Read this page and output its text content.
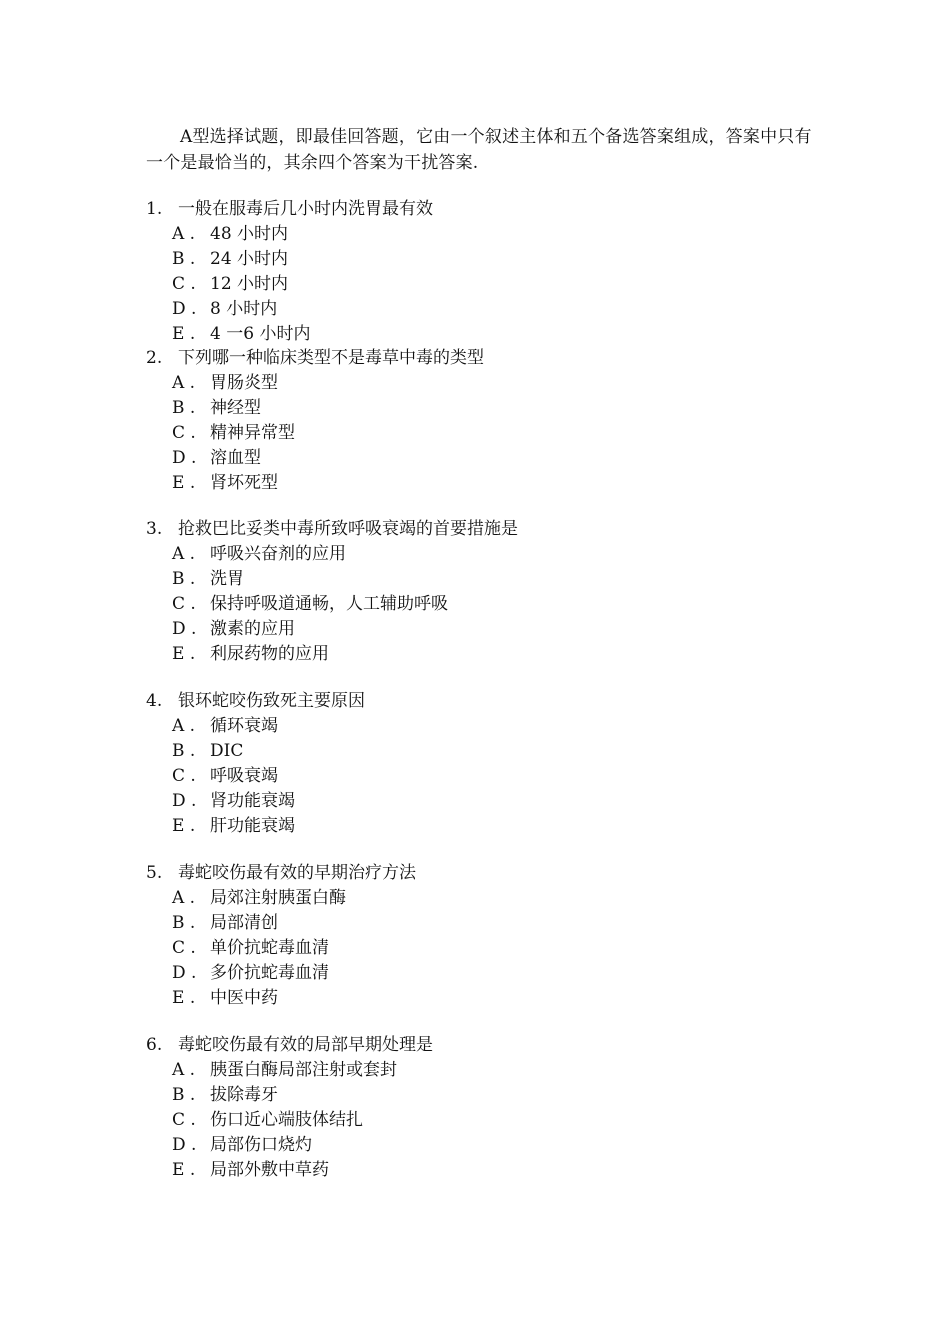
A型选择试题，即最佳回答题，它由一个叙述主体和五个备选答案组成，答案中只有一个是最恰当的，其余四个答案为干扰答案.

1. 一般在服毒后几小时内洗胃最有效
A . 48 小时内
B . 24 小时内
C . 12 小时内
D . 8 小时内
E . 4 一6 小时内
2. 下列哪一种临床类型不是毒草中毒的类型
A . 胃肠炎型
B . 神经型
C . 精神异常型
D . 溶血型
E . 肾坏死型
3. 抢救巴比妥类中毒所致呼吸衰竭的首要措施是
A . 呼吸兴奋剂的应用
B . 洗胃
C . 保持呼吸道通畅，人工辅助呼吸
D . 激素的应用
E . 利尿药物的应用
4. 银环蛇咬伤致死主要原因
A . 循环衰竭
B . DIC
C . 呼吸衰竭
D . 肾功能衰竭
E . 肝功能衰竭
5. 毒蛇咬伤最有效的早期治疗方法
A . 局郊注射胰蛋白酶
B . 局部清创
C . 单价抗蛇毒血清
D . 多价抗蛇毒血清
E . 中医中药
6. 毒蛇咬伤最有效的局部早期处理是
A . 胰蛋白酶局部注射或套封
B . 拔除毒牙
C . 伤口近心端肢体结扎
D . 局部伤口烧灼
E . 局部外敷中草药
